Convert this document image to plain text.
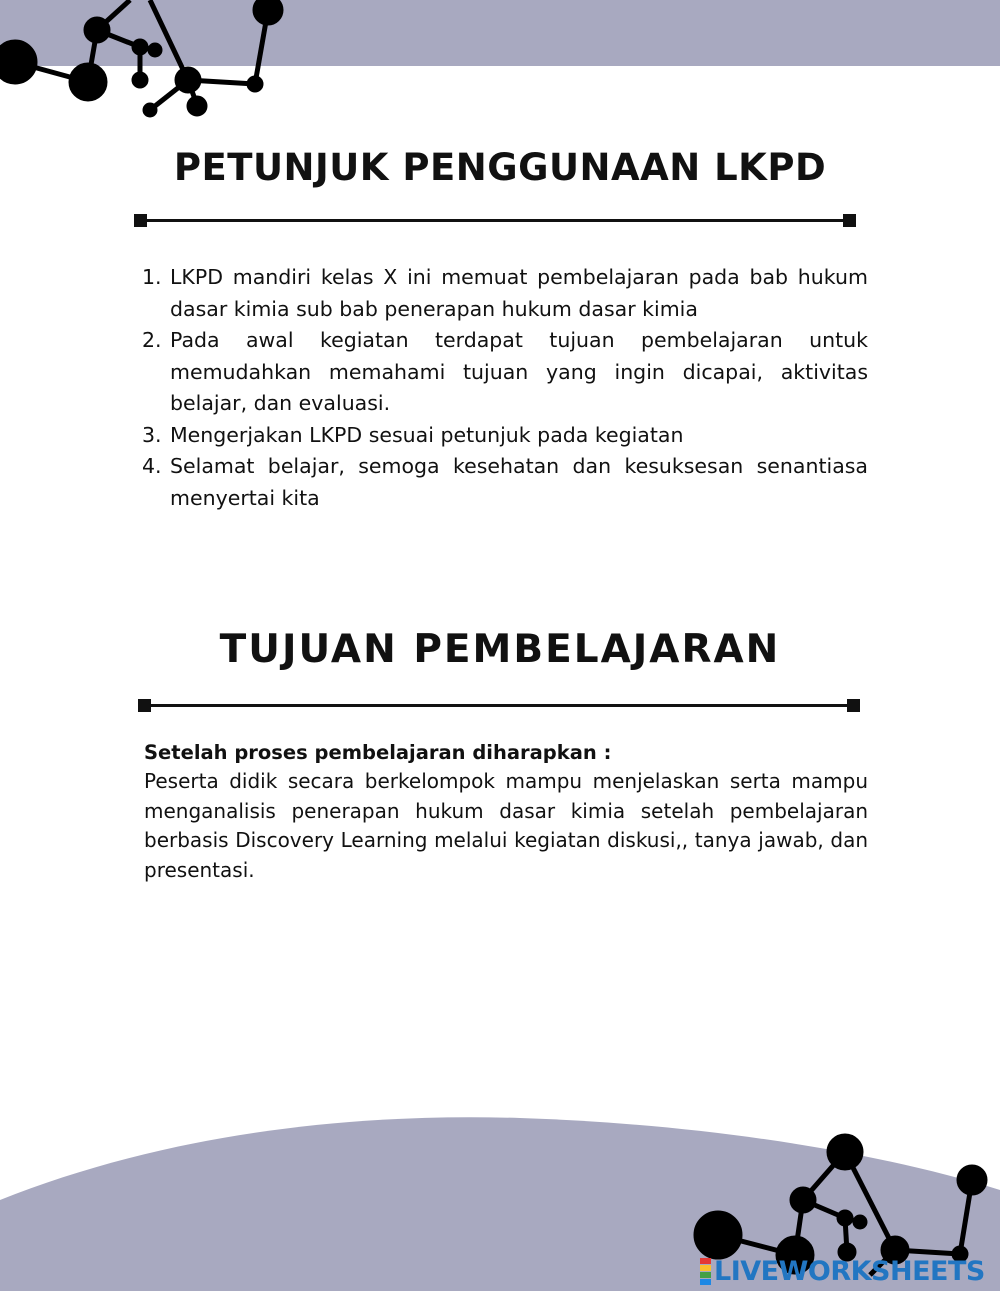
PETUNJUK PENGGUNAAN LKPD
1. LKPD mandiri kelas X ini memuat pembelajaran pada bab hukum dasar kimia sub bab penerapan hukum dasar kimia
2. Pada awal kegiatan terdapat tujuan pembelajaran untuk memudahkan memahami tujuan yang ingin dicapai, aktivitas belajar, dan evaluasi.
3. Mengerjakan LKPD sesuai petunjuk pada kegiatan
4. Selamat belajar, semoga kesehatan dan kesuksesan senantiasa menyertai kita
TUJUAN PEMBELAJARAN
Setelah proses pembelajaran diharapkan :
Peserta didik secara berkelompok mampu menjelaskan serta mampu menganalisis penerapan hukum dasar kimia setelah pembelajaran berbasis Discovery Learning melalui kegiatan diskusi,, tanya jawab, dan presentasi.
LIVEWORKSHEETS
